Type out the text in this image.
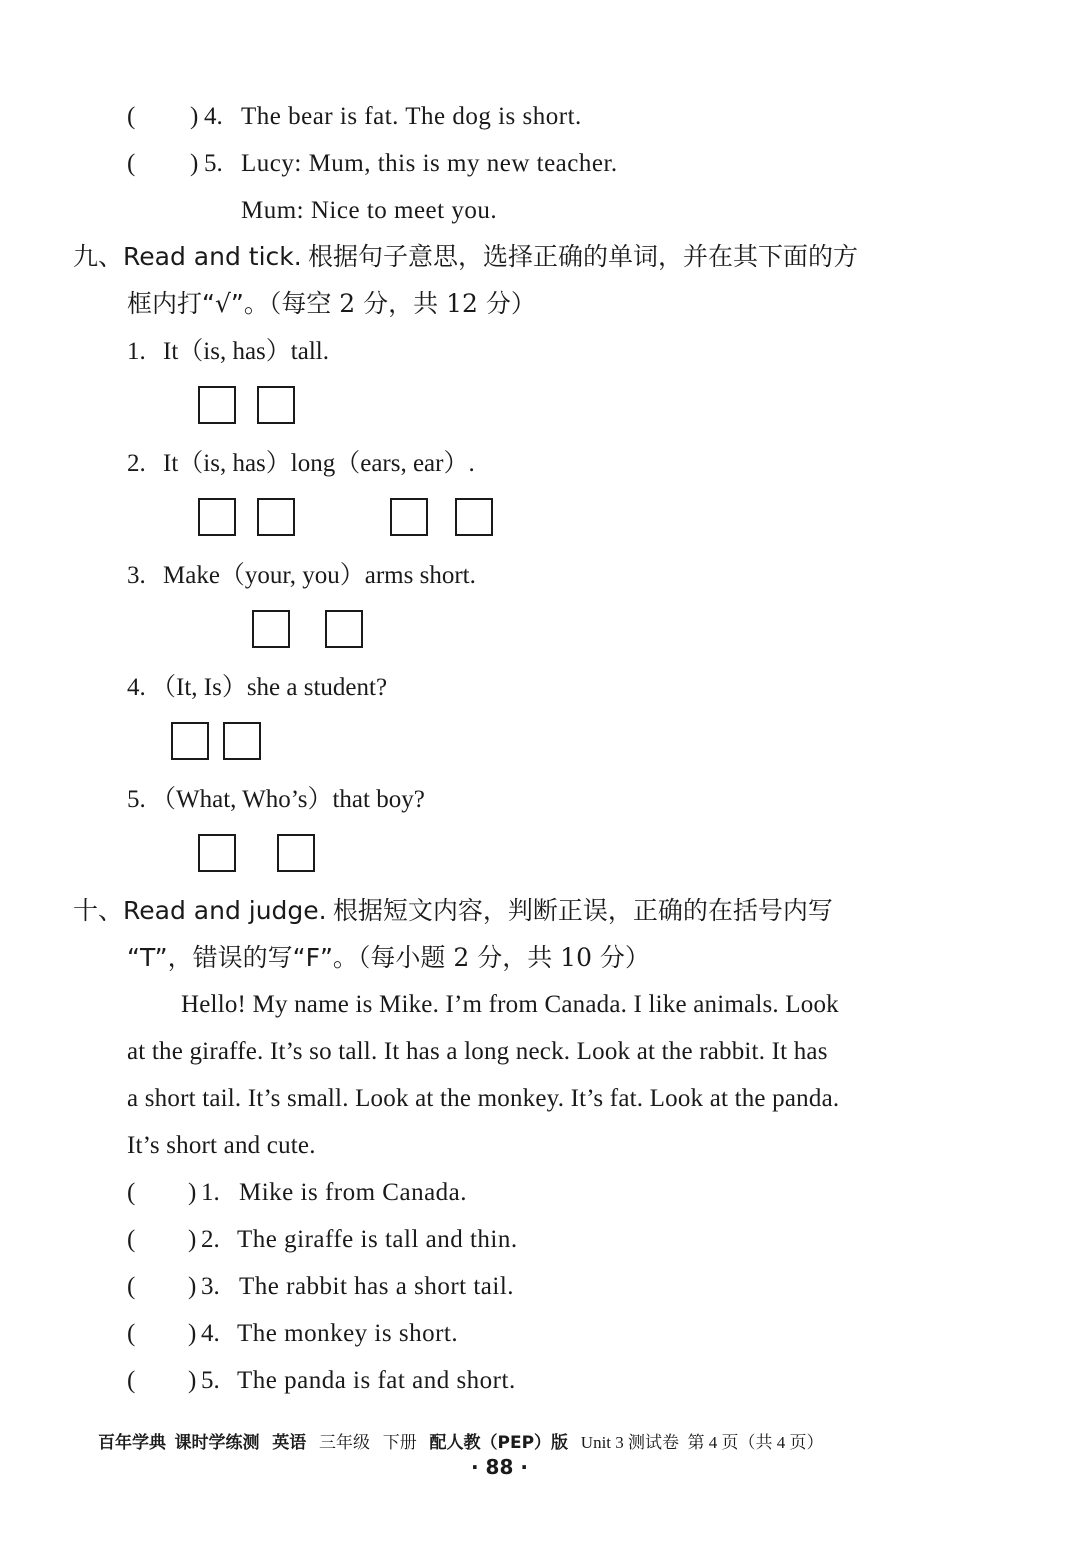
( ) 4. The bear is fat. The dog is short.
( ) 5. Lucy: Mum, this is my new teacher.
Mum: Nice to meet you.
九、Read and tick. 根据句子意思，选择正确的单词，并在其下面的方
框内打“√”。（每空 2 分，共 12 分）
1. It（is, has）tall.
2. It（is, has）long（ears, ear）.
3. Make（your, you）arms short.
4. （It, Is）she a student?
5. （What, Who’s）that boy?
十、Read and judge. 根据短文内容，判断正误，正确的在括号内写
“T”，错误的写“F”。（每小题 2 分，共 10 分）
Hello! My name is Mike. I’m from Canada. I like animals. Look
at the giraffe. It’s so tall. It has a long neck. Look at the rabbit. It has
a short tail. It’s small. Look at the monkey. It’s fat. Look at the panda.
It’s short and cute.
( ) 1. Mike is from Canada.
( ) 2. The giraffe is tall and thin.
( ) 3. The rabbit has a short tail.
( ) 4. The monkey is short.
( ) 5. The panda is fat and short.
百年学典 课时学练测 英语 三年级 下册 配人教（PEP）版 Unit 3 测试卷 第 4 页（共 4 页）
· 88 ·
